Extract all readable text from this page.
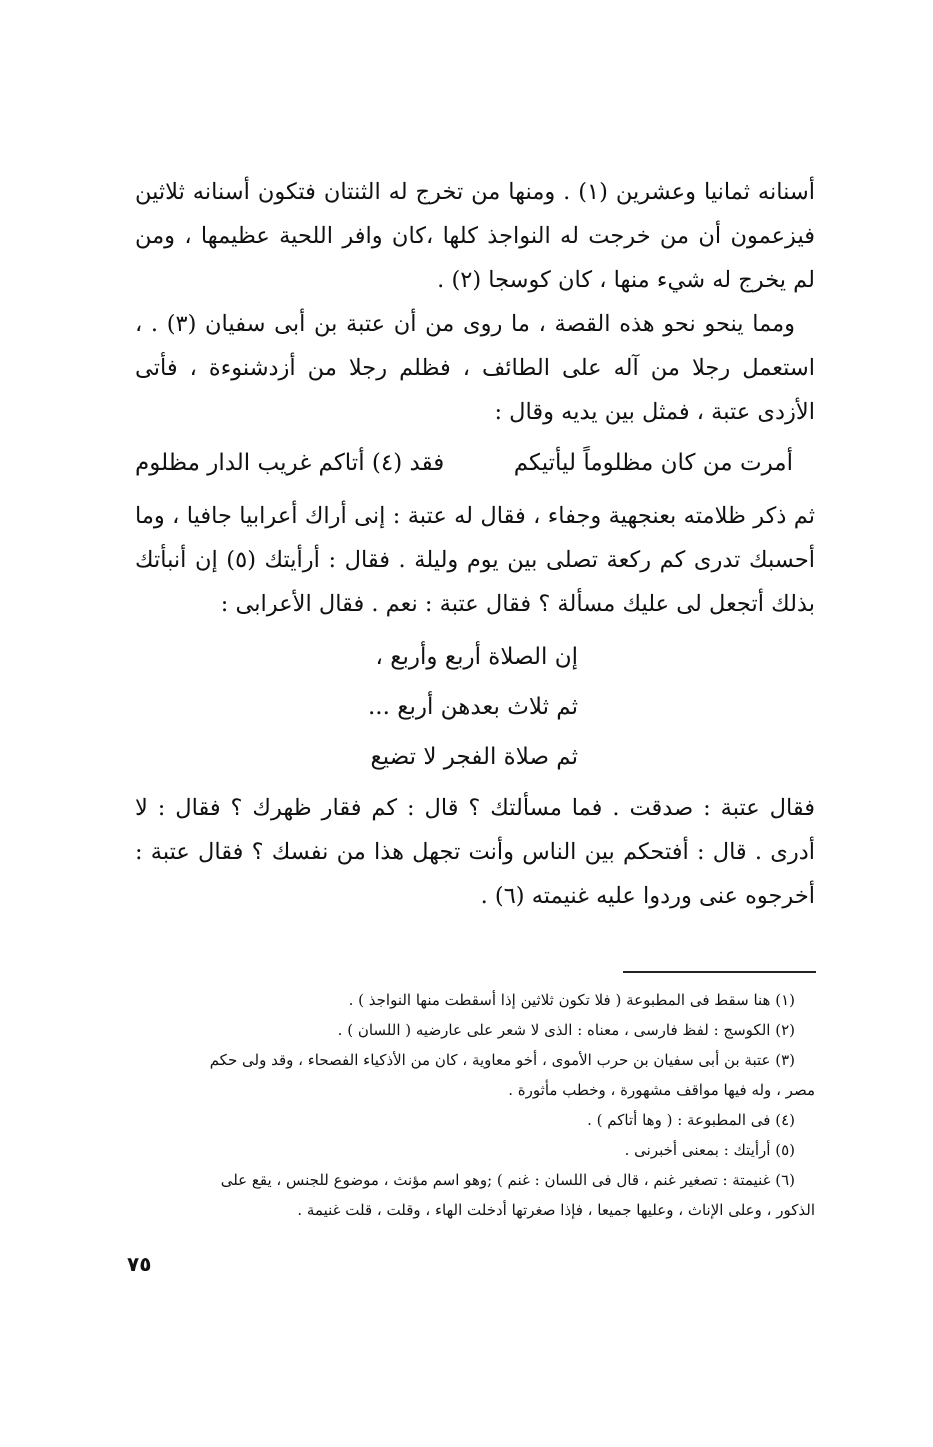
أسنانه ثمانيا وعشرين (١) . ومنها من تخرج له الثنتان فتكون أسنانه ثلاثين فيزعمون أن من خرجت له النواجذ كلها ،كان وافر اللحية عظيمها ، ومن لم يخرج له شيء منها ، كان كوسجا (٢) .

ومما ينحو نحو هذه القصة ، ما روى من أن عتبة بن أبى سفيان (٣) . ، استعمل رجلا من آله على الطائف ، فظلم رجلا من أزدشنوءة ، فأتى الأزدى عتبة ، فمثل بين يديه وقال :

أمرت من كان مظلوماً ليأتيكم
فقد (٤) أتاكم غريب الدار مظلوم

ثم ذكر ظلامته بعنجهية وجفاء ، فقال له عتبة : إنى أراك أعرابيا جافيا ، وما أحسبك تدرى كم ركعة تصلى بين يوم وليلة . فقال : أرأيتك (٥) إن أنبأتك بذلك أتجعل لى عليك مسألة ؟ فقال عتبة : نعم . فقال الأعرابى :

إن الصلاة أربع وأربع ،
ثم ثلاث بعدهن أربع ...
ثم صلاة الفجر لا تضيع

فقال عتبة : صدقت . فما مسألتك ؟ قال : كم فقار ظهرك ؟ فقال : لا أدرى . قال : أفتحكم بين الناس وأنت تجهل هذا من نفسك ؟ فقال عتبة : أخرجوه عنى وردوا عليه غنيمته (٦) .

(١) هنا سقط فى المطبوعة ( فلا تكون ثلاثين إذا أسقطت منها النواجذ ) .

(٢) الكوسج : لفظ فارسى ، معناه : الذى لا شعر على عارضيه ( اللسان ) .

(٣) عتبة بن أبى سفيان بن حرب الأموى ، أخو معاوية ، كان من الأذكياء الفصحاء ، وقد ولى حكم

مصر ، وله فيها مواقف مشهورة ، وخطب مأثورة .

(٤) فى المطبوعة : ( وها أتاكم ) .

(٥) أرأيتك : بمعنى أخبرنى .

(٦) غنيمتة : تصغير غنم ، قال فى اللسان : غنم ) ;وهو اسم مؤنث ، موضوع للجنس ، يقع على

الذكور ، وعلى الإناث ، وعليها جميعا ، فإذا صغرتها أدخلت الهاء ، وقلت ، قلت غنيمة .

٧٥
